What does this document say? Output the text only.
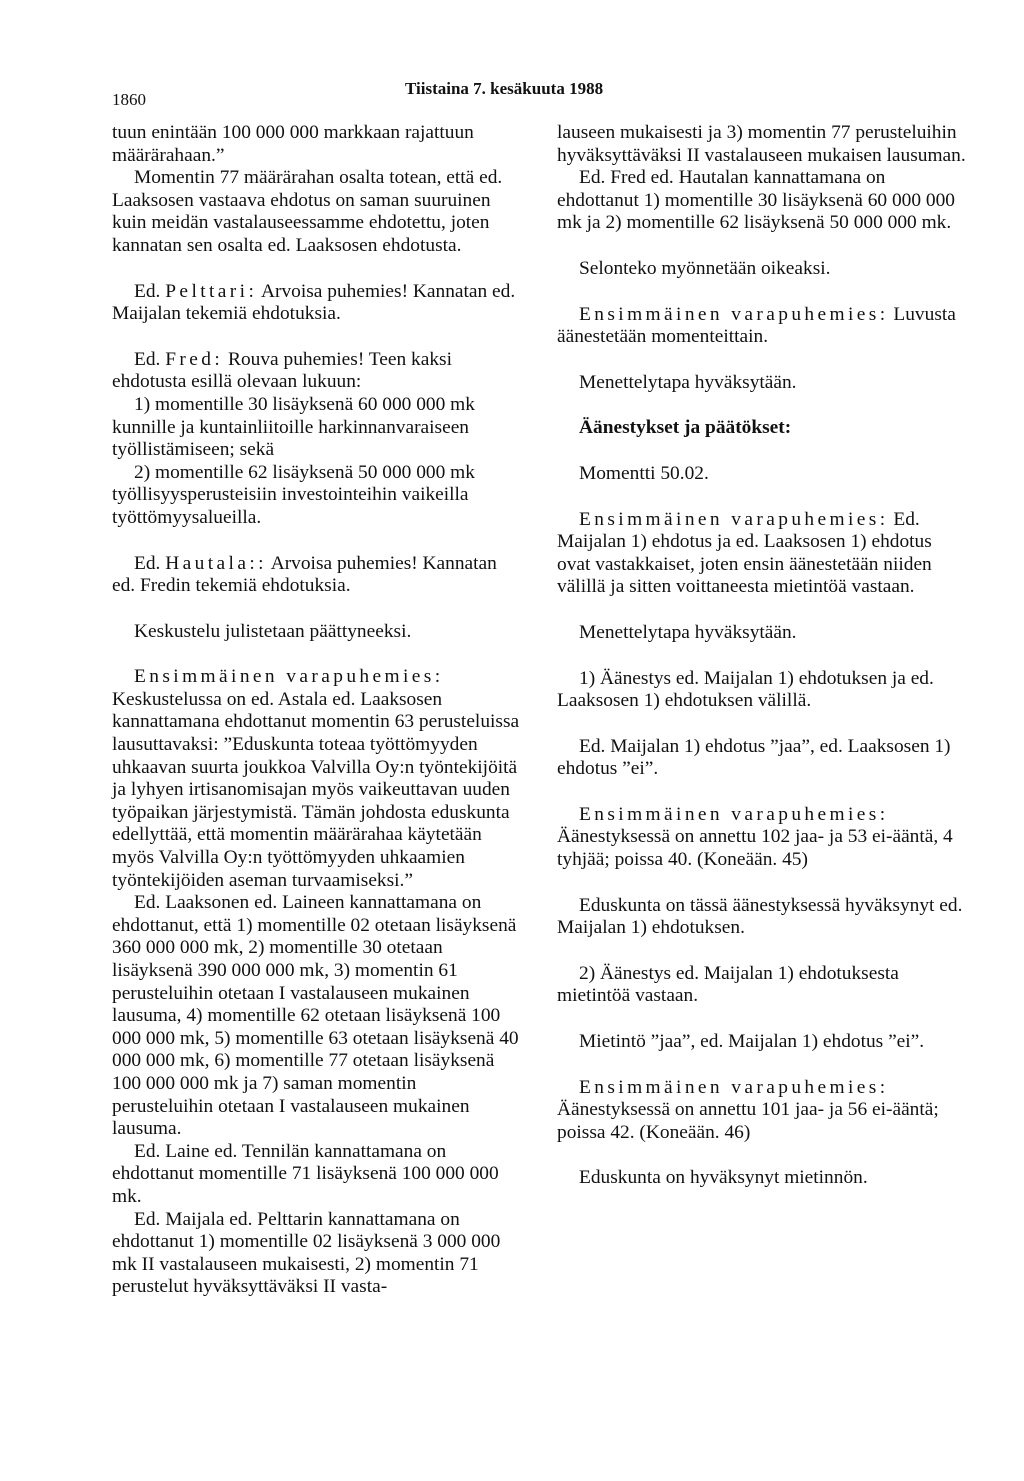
1860
Tiistaina 7. kesäkuuta 1988

tuun enintään 100 000 000 markkaan rajattuun määrärahaan.”

Momentin 77 määrärahan osalta totean, että ed. Laaksosen vastaava ehdotus on saman suuruinen kuin meidän vastalauseessamme ehdotettu, joten kannatan sen osalta ed. Laaksosen ehdotusta.

Ed. Pelttari: Arvoisa puhemies! Kannatan ed. Maijalan tekemiä ehdotuksia.

Ed. Fred: Rouva puhemies! Teen kaksi ehdotusta esillä olevaan lukuun:

1) momentille 30 lisäyksenä 60 000 000 mk kunnille ja kuntainliitoille harkinnanvaraiseen työllistämiseen; sekä

2) momentille 62 lisäyksenä 50 000 000 mk työllisyysperusteisiin investointeihin vaikeilla työttömyysalueilla.

Ed. Hautala:: Arvoisa puhemies! Kannatan ed. Fredin tekemiä ehdotuksia.

Keskustelu julistetaan päättyneeksi.

Ensimmäinen varapuhemies: Keskustelussa on ed. Astala ed. Laaksosen kannattamana ehdottanut momentin 63 perusteluissa lausuttavaksi: ”Eduskunta toteaa työttömyyden uhkaavan suurta joukkoa Valvilla Oy:n työntekijöitä ja lyhyen irtisanomisajan myös vaikeuttavan uuden työpaikan järjestymistä. Tämän johdosta eduskunta edellyttää, että momentin määrärahaa käytetään myös Valvilla Oy:n työttömyyden uhkaamien työntekijöiden aseman turvaamiseksi.”

Ed. Laaksonen ed. Laineen kannattamana on ehdottanut, että 1) momentille 02 otetaan lisäyksenä 360 000 000 mk, 2) momentille 30 otetaan lisäyksenä 390 000 000 mk, 3) momentin 61 perusteluihin otetaan I vastalauseen mukainen lausuma, 4) momentille 62 otetaan lisäyksenä 100 000 000 mk, 5) momentille 63 otetaan lisäyksenä 40 000 000 mk, 6) momentille 77 otetaan lisäyksenä 100 000 000 mk ja 7) saman momentin perusteluihin otetaan I vastalauseen mukainen lausuma.

Ed. Laine ed. Tennilän kannattamana on ehdottanut momentille 71 lisäyksenä 100 000 000 mk.

Ed. Maijala ed. Pelttarin kannattamana on ehdottanut 1) momentille 02 lisäyksenä 3 000 000 mk II vastalauseen mukaisesti, 2) momentin 71 perustelut hyväksyttäväksi II vasta-

lauseen mukaisesti ja 3) momentin 77 perusteluihin hyväksyttäväksi II vastalauseen mukaisen lausuman.

Ed. Fred ed. Hautalan kannattamana on ehdottanut 1) momentille 30 lisäyksenä 60 000 000 mk ja 2) momentille 62 lisäyksenä 50 000 000 mk.

Selonteko myönnetään oikeaksi.

Ensimmäinen varapuhemies: Luvusta äänestetään momenteittain.

Menettelytapa hyväksytään.

Äänestykset ja päätökset:

Momentti 50.02.

Ensimmäinen varapuhemies: Ed. Maijalan 1) ehdotus ja ed. Laaksosen 1) ehdotus ovat vastakkaiset, joten ensin äänestetään niiden välillä ja sitten voittaneesta mietintöä vastaan.

Menettelytapa hyväksytään.

1) Äänestys ed. Maijalan 1) ehdotuksen ja ed. Laaksosen 1) ehdotuksen välillä.

Ed. Maijalan 1) ehdotus ”jaa”, ed. Laaksosen 1) ehdotus ”ei”.

Ensimmäinen varapuhemies: Äänestyksessä on annettu 102 jaa- ja 53 ei-ääntä, 4 tyhjää; poissa 40. (Koneään. 45)

Eduskunta on tässä äänestyksessä hyväksynyt ed. Maijalan 1) ehdotuksen.

2) Äänestys ed. Maijalan 1) ehdotuksesta mietintöä vastaan.

Mietintö ”jaa”, ed. Maijalan 1) ehdotus ”ei”.

Ensimmäinen varapuhemies: Äänestyksessä on annettu 101 jaa- ja 56 ei-ääntä; poissa 42. (Koneään. 46)

Eduskunta on hyväksynyt mietinnön.
